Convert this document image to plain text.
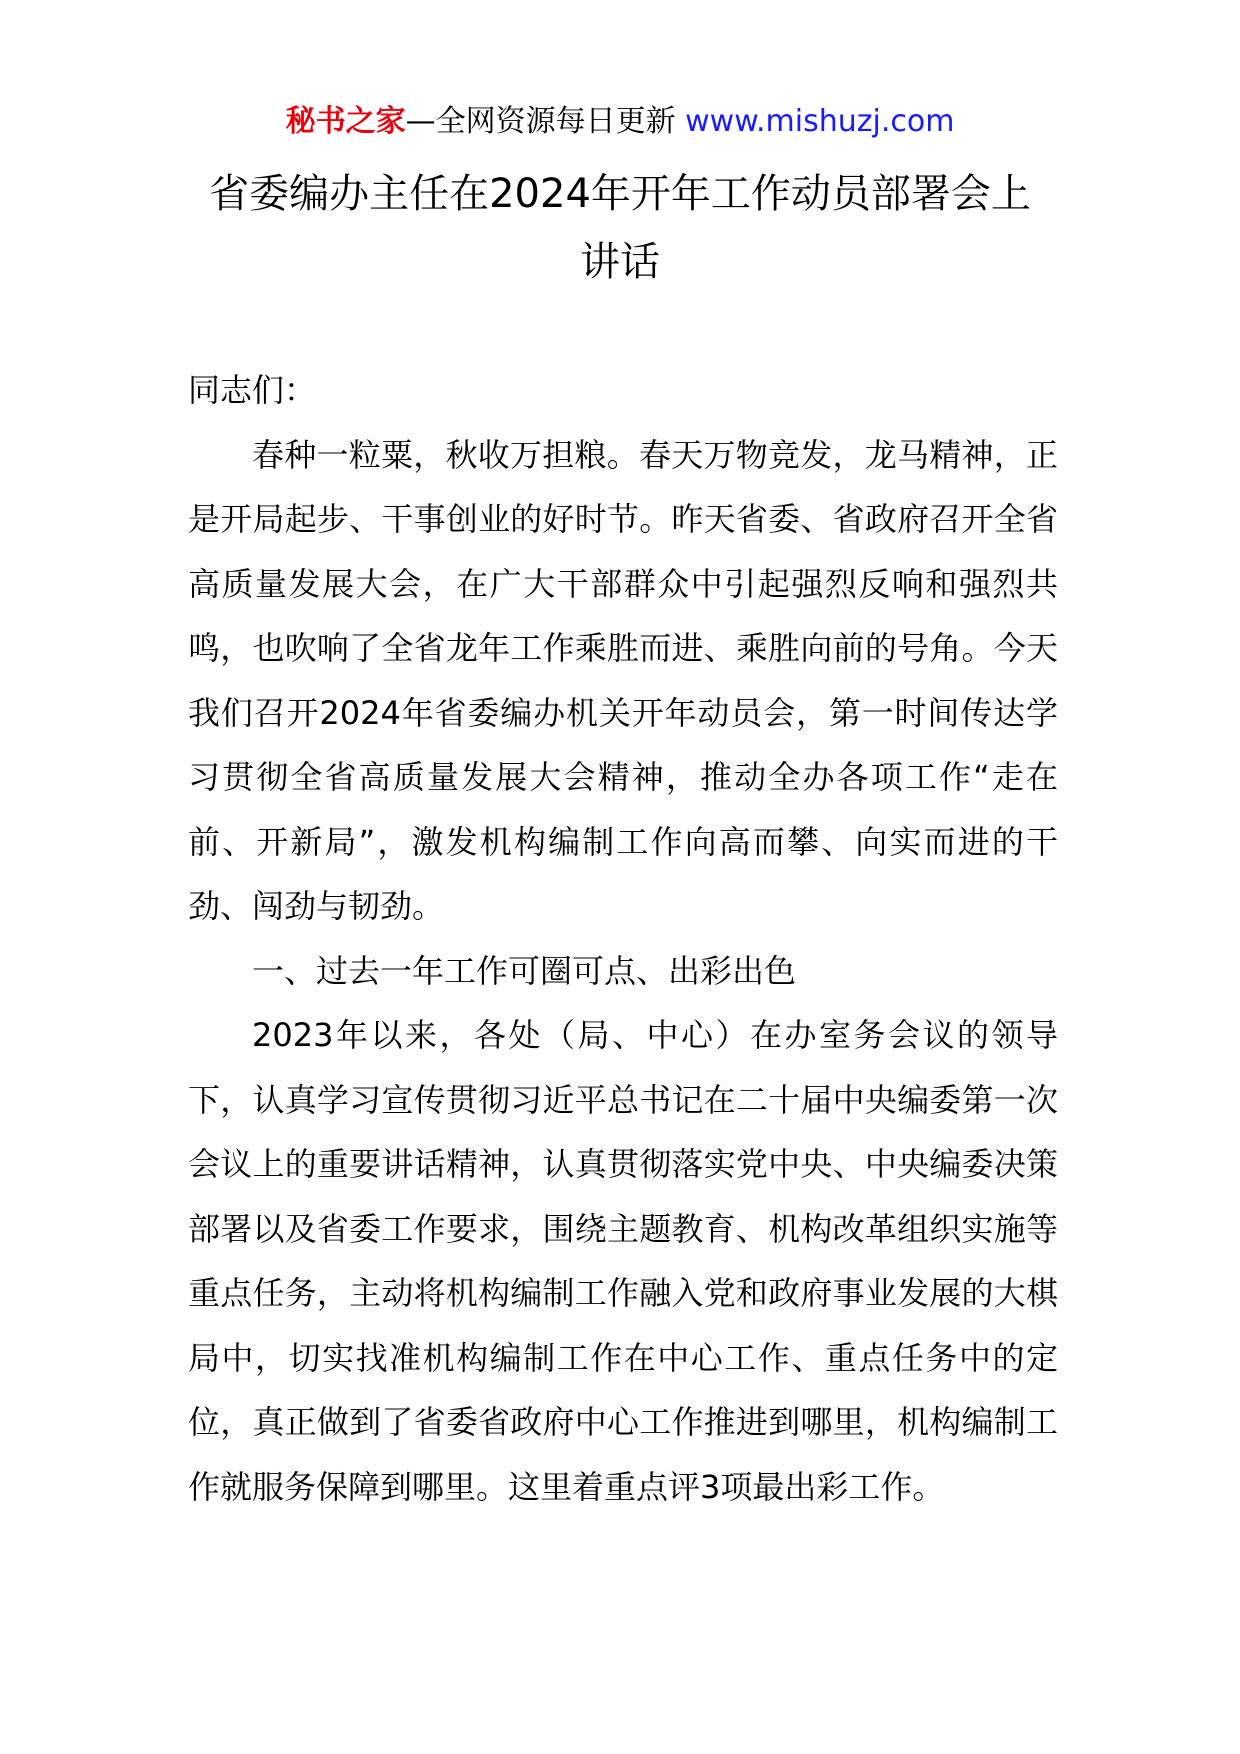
秘书之家—全网资源每日更新 www.mishuzj.com
省委编办主任在2024年开年工作动员部署会上
讲话

同志们：

春种一粒粟，秋收万担粮。春天万物竞发，龙马精神，正是开局起步、干事创业的好时节。昨天省委、省政府召开全省高质量发展大会，在广大干部群众中引起强烈反响和强烈共鸣，也吹响了全省龙年工作乘胜而进、乘胜向前的号角。今天我们召开2024年省委编办机关开年动员会，第一时间传达学习贯彻全省高质量发展大会精神，推动全办各项工作“走在前、开新局”，激发机构编制工作向高而攀、向实而进的干劲、闯劲与韧劲。

一、过去一年工作可圈可点、出彩出色

2023年以来，各处（局、中心）在办室务会议的领导下，认真学习宣传贯彻习近平总书记在二十届中央编委第一次会议上的重要讲话精神，认真贯彻落实党中央、中央编委决策部署以及省委工作要求，围绕主题教育、机构改革组织实施等重点任务，主动将机构编制工作融入党和政府事业发展的大棋局中，切实找准机构编制工作在中心工作、重点任务中的定位，真正做到了省委省政府中心工作推进到哪里，机构编制工作就服务保障到哪里。这里着重点评3项最出彩工作。
